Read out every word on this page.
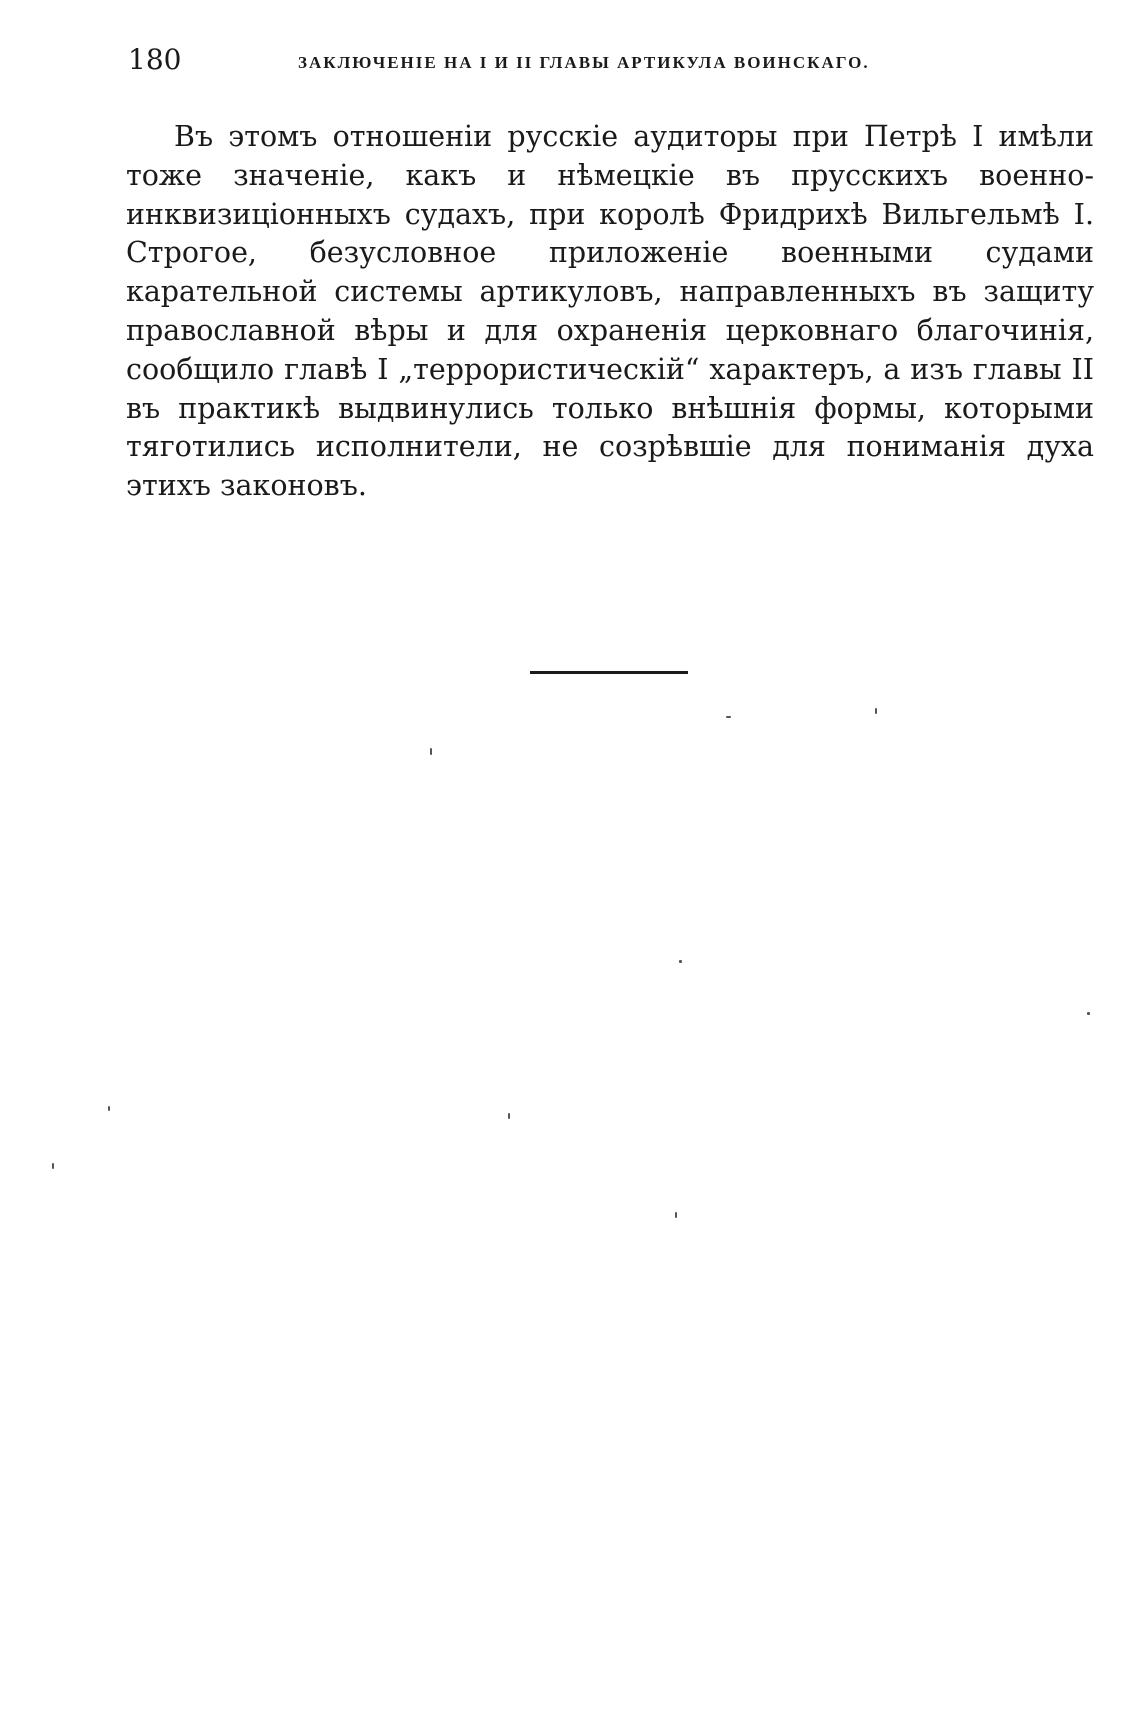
180	ЗАКЛЮЧЕНІЕ НА I И II ГЛАВЫ АРТИКУЛА ВОИНСКАГО.

Въ этомъ отношеніи русскіе аудиторы при Петрѣ I имѣли тоже значеніе, какъ и нѣмецкіе въ прусскихъ военно-инквизиціонныхъ судахъ, при королѣ Фридрихѣ Вильгельмѣ I. Строгое, безусловное приложеніе военными судами карательной системы артикуловъ, направленныхъ въ защиту православной вѣры и для охраненія церковнаго благочинія, сообщило главѣ I „террористическій“ характеръ, а изъ главы II въ практикѣ выдвинулись только внѣшнія формы, которыми тяготились исполнители, не созрѣвшіе для пониманія духа этихъ законовъ.
